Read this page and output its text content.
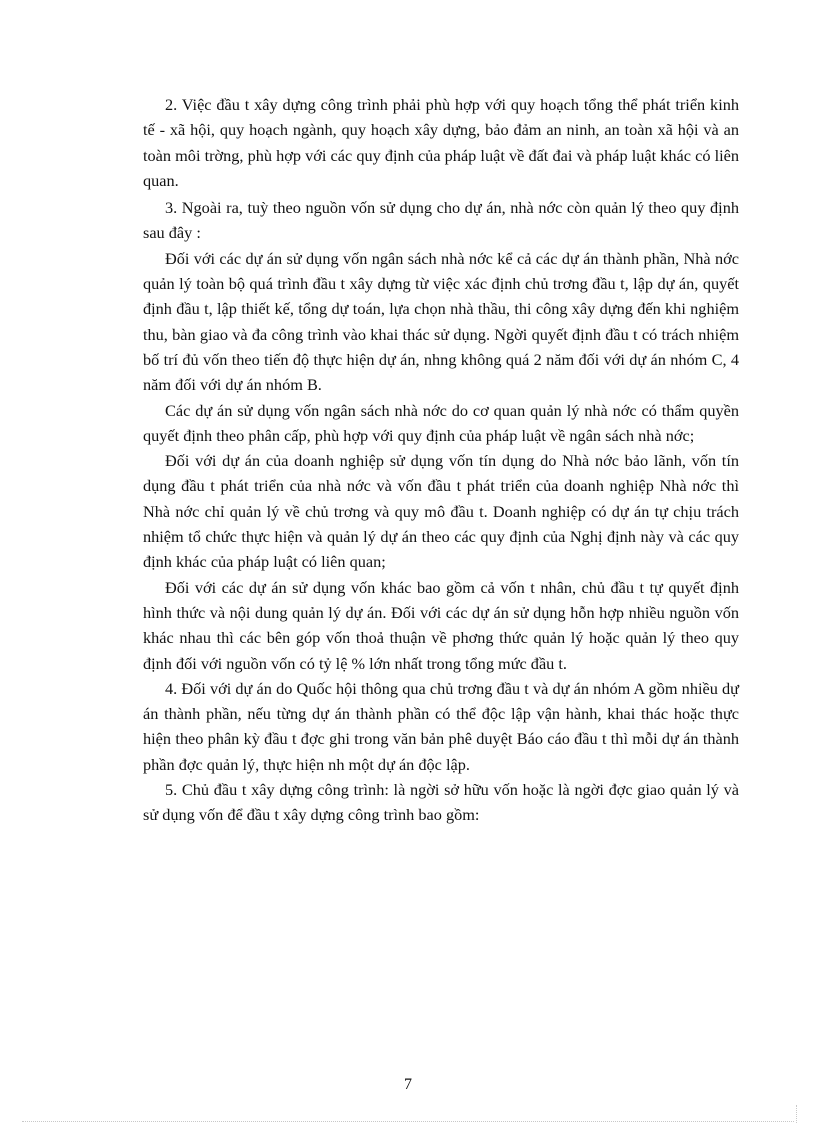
2. Việc đầu t xây dựng công trình phải phù hợp với quy hoạch tổng thể phát triển kinh tế - xã hội, quy hoạch ngành, quy hoạch xây dựng, bảo đảm an ninh, an toàn xã hội và an toàn môi trờng, phù hợp với các quy định của pháp luật về đất đai và pháp luật khác có liên quan.

3. Ngoài ra, tuỳ theo nguồn vốn sử dụng cho dự án, nhà nớc còn quản lý theo quy định sau đây :

Đối với các dự án sử dụng vốn ngân sách nhà nớc kể cả các dự án thành phần, Nhà nớc quản lý toàn bộ quá trình đầu t xây dựng từ việc xác định chủ trơng đầu t, lập dự án, quyết định đầu t, lập thiết kế, tổng dự toán, lựa chọn nhà thầu, thi công xây dựng đến khi nghiệm thu, bàn giao và đa công trình vào khai thác sử dụng. Ngời quyết định đầu t có trách nhiệm bố trí đủ vốn theo tiến độ thực hiện dự án, nhng không quá 2 năm đối với dự án nhóm C, 4 năm đối với dự án nhóm B.

Các dự án sử dụng vốn ngân sách nhà nớc do cơ quan quản lý nhà nớc có thẩm quyền quyết định theo phân cấp, phù hợp với quy định của pháp luật về ngân sách nhà nớc;

Đối với dự án của doanh nghiệp sử dụng vốn tín dụng do Nhà nớc bảo lãnh, vốn tín dụng đầu t phát triển của nhà nớc và vốn đầu t phát triển của doanh nghiệp Nhà nớc thì Nhà nớc chỉ quản lý về chủ trơng và quy mô đầu t. Doanh nghiệp có dự án tự chịu trách nhiệm tổ chức thực hiện và quản lý dự án theo các quy định của Nghị định này và các quy định khác của pháp luật có liên quan;

Đối với các dự án sử dụng vốn khác bao gồm cả vốn t nhân, chủ đầu t tự quyết định hình thức và nội dung quản lý dự án. Đối với các dự án sử dụng hỗn hợp nhiều nguồn vốn khác nhau thì các bên góp vốn thoả thuận về phơng thức quản lý hoặc quản lý theo quy định đối với nguồn vốn có tỷ lệ % lớn nhất trong tổng mức đầu t.

4. Đối với dự án do Quốc hội thông qua chủ trơng đầu t và dự án nhóm A gồm nhiều dự án thành phần, nếu từng dự án thành phần có thể độc lập vận hành, khai thác hoặc thực hiện theo phân kỳ đầu t đợc ghi trong văn bản phê duyệt Báo cáo đầu t thì mỗi dự án thành phần đợc quản lý, thực hiện nh một dự án độc lập.

5. Chủ đầu t xây dựng công trình: là ngời sở hữu vốn hoặc là ngời đợc giao quản lý và sử dụng vốn để đầu t xây dựng công trình bao gồm:

7
